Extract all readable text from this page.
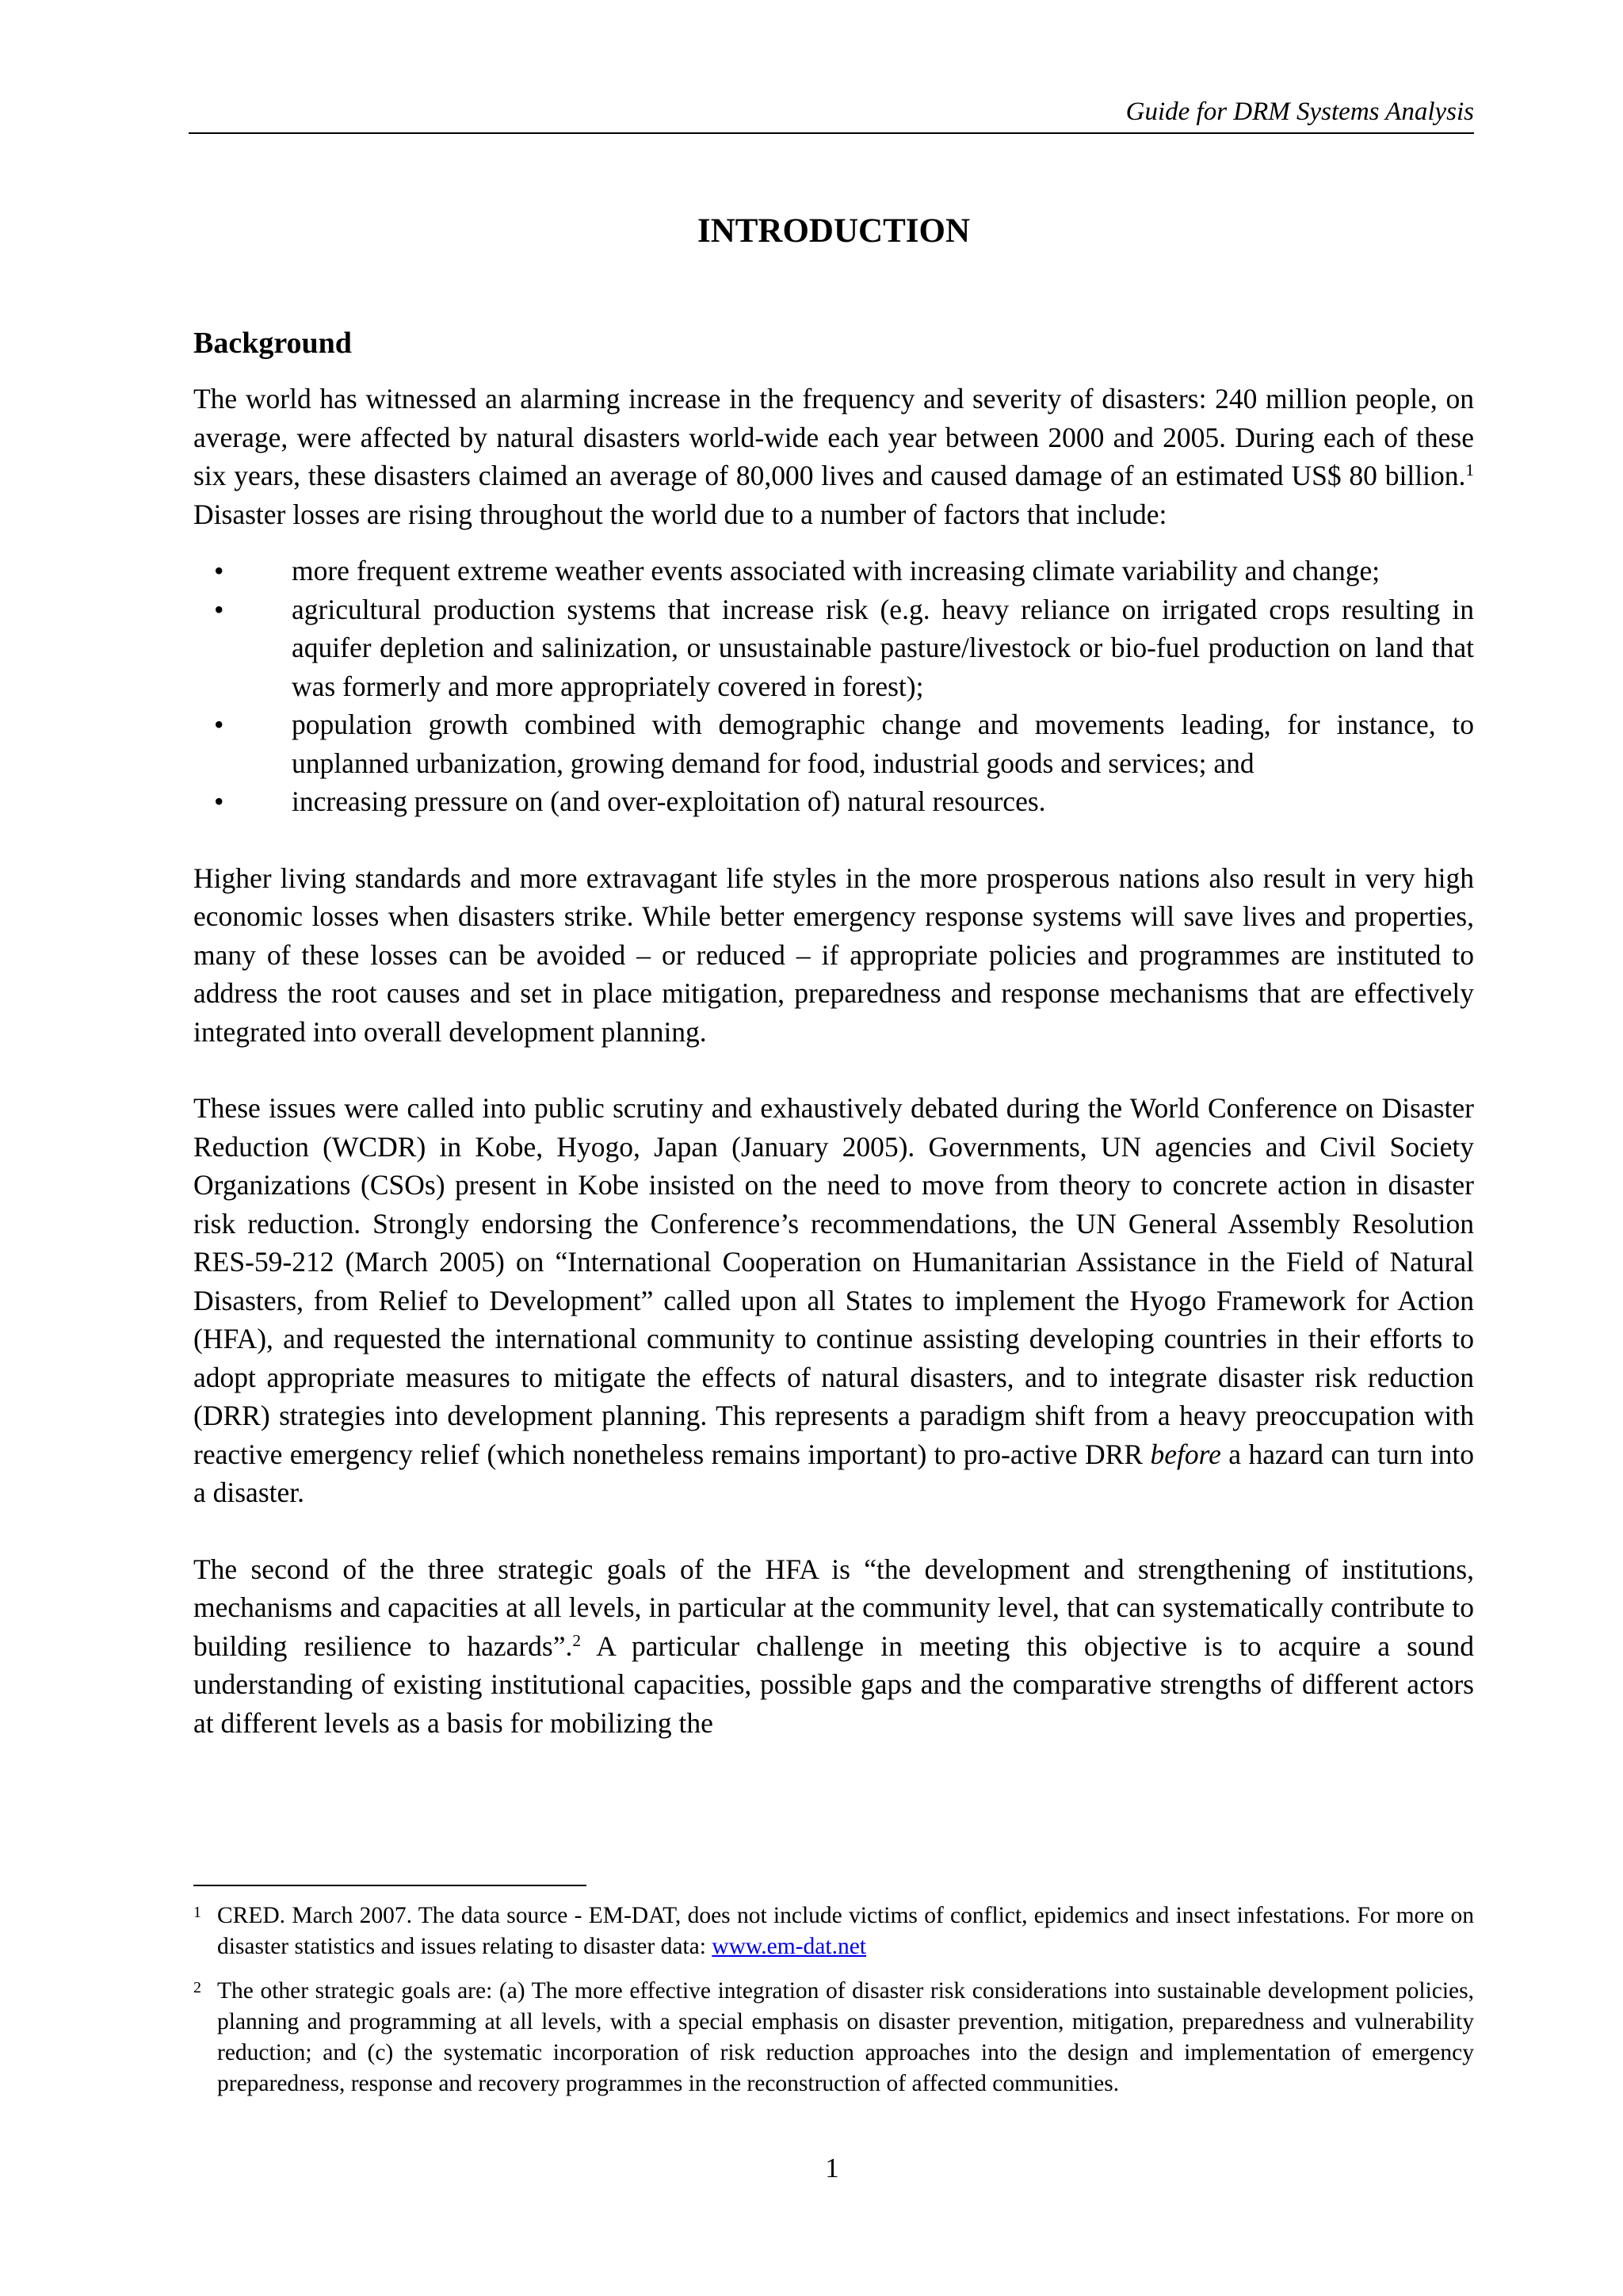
Guide for DRM Systems Analysis
INTRODUCTION
Background

The world has witnessed an alarming increase in the frequency and severity of disasters: 240 million people, on average, were affected by natural disasters world-wide each year between 2000 and 2005. During each of these six years, these disasters claimed an average of 80,000 lives and caused damage of an estimated US$ 80 billion.$^1$ Disaster losses are rising throughout the world due to a number of factors that include:

•	more frequent extreme weather events associated with increasing climate variability and change;
•	agricultural production systems that increase risk (e.g. heavy reliance on irrigated crops resulting in aquifer depletion and salinization, or unsustainable pasture/livestock or bio-fuel production on land that was formerly and more appropriately covered in forest);
•	population growth combined with demographic change and movements leading, for instance, to unplanned urbanization, growing demand for food, industrial goods and services; and
•	increasing pressure on (and over-exploitation of) natural resources.

Higher living standards and more extravagant life styles in the more prosperous nations also result in very high economic losses when disasters strike. While better emergency response systems will save lives and properties, many of these losses can be avoided – or reduced – if appropriate policies and programmes are instituted to address the root causes and set in place mitigation, preparedness and response mechanisms that are effectively integrated into overall development planning.

These issues were called into public scrutiny and exhaustively debated during the World Conference on Disaster Reduction (WCDR) in Kobe, Hyogo, Japan (January 2005). Governments, UN agencies and Civil Society Organizations (CSOs) present in Kobe insisted on the need to move from theory to concrete action in disaster risk reduction. Strongly endorsing the Conference’s recommendations, the UN General Assembly Resolution RES-59-212 (March 2005) on “International Cooperation on Humanitarian Assistance in the Field of Natural Disasters, from Relief to Development” called upon all States to implement the Hyogo Framework for Action (HFA), and requested the international community to continue assisting developing countries in their efforts to adopt appropriate measures to mitigate the effects of natural disasters, and to integrate disaster risk reduction (DRR) strategies into development planning. This represents a paradigm shift from a heavy preoccupation with reactive emergency relief (which nonetheless remains important) to pro-active DRR before a hazard can turn into a disaster.

The second of the three strategic goals of the HFA is “the development and strengthening of institutions, mechanisms and capacities at all levels, in particular at the community level, that can systematically contribute to building resilience to hazards”.$^2$ A particular challenge in meeting this objective is to acquire a sound understanding of existing institutional capacities, possible gaps and the comparative strengths of different actors at different levels as a basis for mobilizing the

1 CRED. March 2007. The data source - EM-DAT, does not include victims of conflict, epidemics and insect infestations. For more on disaster statistics and issues relating to disaster data: www.em-dat.net
2 The other strategic goals are: (a) The more effective integration of disaster risk considerations into sustainable development policies, planning and programming at all levels, with a special emphasis on disaster prevention, mitigation, preparedness and vulnerability reduction; and (c) the systematic incorporation of risk reduction approaches into the design and implementation of emergency preparedness, response and recovery programmes in the reconstruction of affected communities.
1
